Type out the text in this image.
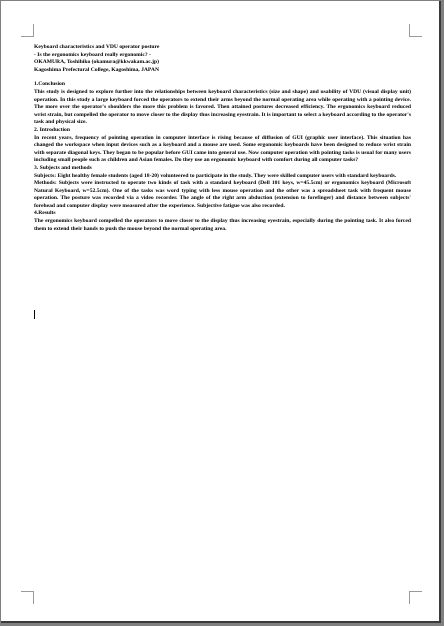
Keyboard characteristics and VDU operator posture

- Is the ergonomics keyboard really ergonomic? -

OKAMURA, Toshihiko (okamura@kkwakam.ac.jp)

Kagoshima Prefectural College, Kagoshima, JAPAN

1.Conclusion

This study is designed to explore further into the relationships between keyboard characteristics (size and shape) and usability of VDU (visual display unit) operation. In this study a large keyboard forced the operators to extend their arms beyond the normal operating area while operating with a pointing device. The more over the operator's shoulders the more this problem is favored. Then attained postures decreased efficiency. The ergonomics keyboard reduced wrist strain, but compelled the operator to move closer to the display thus increasing eyestrain. It is important to select a keyboard according to the operator's task and physical size.

2. Introduction

In recent years, frequency of pointing operation in computer interface is rising because of diffusion of GUI (graphic user interface). This situation has changed the workspace when input devices such as a keyboard and a mouse are used. Some ergonomic keyboards have been designed to reduce wrist strain with separate diagonal keys. They began to be popular before GUI came into general use. Now computer operation with pointing tasks is usual for many users including small people such as children and Asian females. Do they use an ergonomic keyboard with comfort during all computer tasks?

3. Subjects and methods

Subjects: Eight healthy female students (aged 18-20) volunteered to participate in the study. They were skilled computer users with standard keyboards.
Methods: Subjects were instructed to operate two kinds of task with a standard keyboard (Dell 101 keys, w=45.5cm) or ergonomics keyboard (Microsoft Natural Keyboard, w=52.5cm). One of the tasks was word typing with less mouse operation and the other was a spreadsheet task with frequent mouse operation. The posture was recorded via a video recorder. The angle of the right arm abduction (extension to forefinger) and distance between subjects' forehead and computer display were measured after the experience. Subjective fatigue was also recorded.

4.Results

The ergonomics keyboard compelled the operators to move closer to the display thus increasing eyestrain, especially during the pointing task. It also forced them to extend their hands to push the mouse beyond the normal operating area.
